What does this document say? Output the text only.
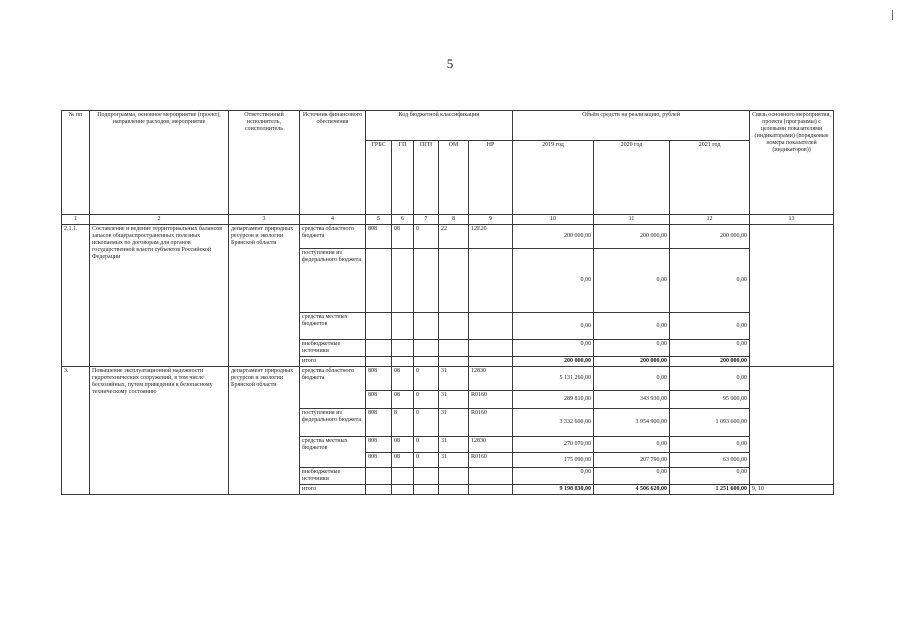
5
№ пп	Подпрограмма, основное мероприятие (проект), направление расходов, мероприятие	Ответственный исполнитель, соисполнитель	Источник финансового обеспечения	Код бюджетной классификации					Объём средств на реализацию, рублей			Связь основного мероприятия, проекта (программы) с целевыми показателями (индикаторами) (порядковые номера показателей (индикаторов))
				ГРБС	ГП	ПГП	ОМ	НР	2019 год	2020 год	2021 год	
1	2	3	4	5	6	7	8	9	10	11	12	13
2.1.1.	Составление и ведение территориальных балансов запасов общераспространенных полезных ископаемых по договорам для органов государственной власти субъектов Российской Федерации	департамент природных ресурсов и экологии Брянской области	средства областного бюджета	808	08	0	22	12Е20	200 000,00	200 000,00	200 000,00	
			поступления из федерального бюджета						0,00	0,00	0,00	
			средства местных бюджетов						0,00	0,00	0,00	
			внебюджетные источники						0,00	0,00	0,00	
			итого						200 000,00	200 000,00	200 000,00	
3.	Повышение эксплуатационной надежности гидротехнических сооружений, в том числе бесхозяйных, путем приведения к безопасному техническому состоянию	департамент природных ресурсов и экологии Брянской области	средства областного бюджета	808	08	0	31	12830	5 131 260,00	0,00	0,00	
				808	08	0	31	R0160	289 810,00	343 930,00	95 000,00	
			поступления из федерального бюджета	808	8	0	31	R0160	3 332 600,00	3 954 900,00	1 093 600,00	
			средства местных бюджетов	808	08	0	31	12830	270 070,00	0,00	0,00	
				808	08	0	31	R0160	175 090,00	207 790,00	63 000,00	
			внебюджетные источники						0,00	0,00	0,00	
			итого						9 198 830,00	4 506 620,00	1 251 600,00	9, 10
